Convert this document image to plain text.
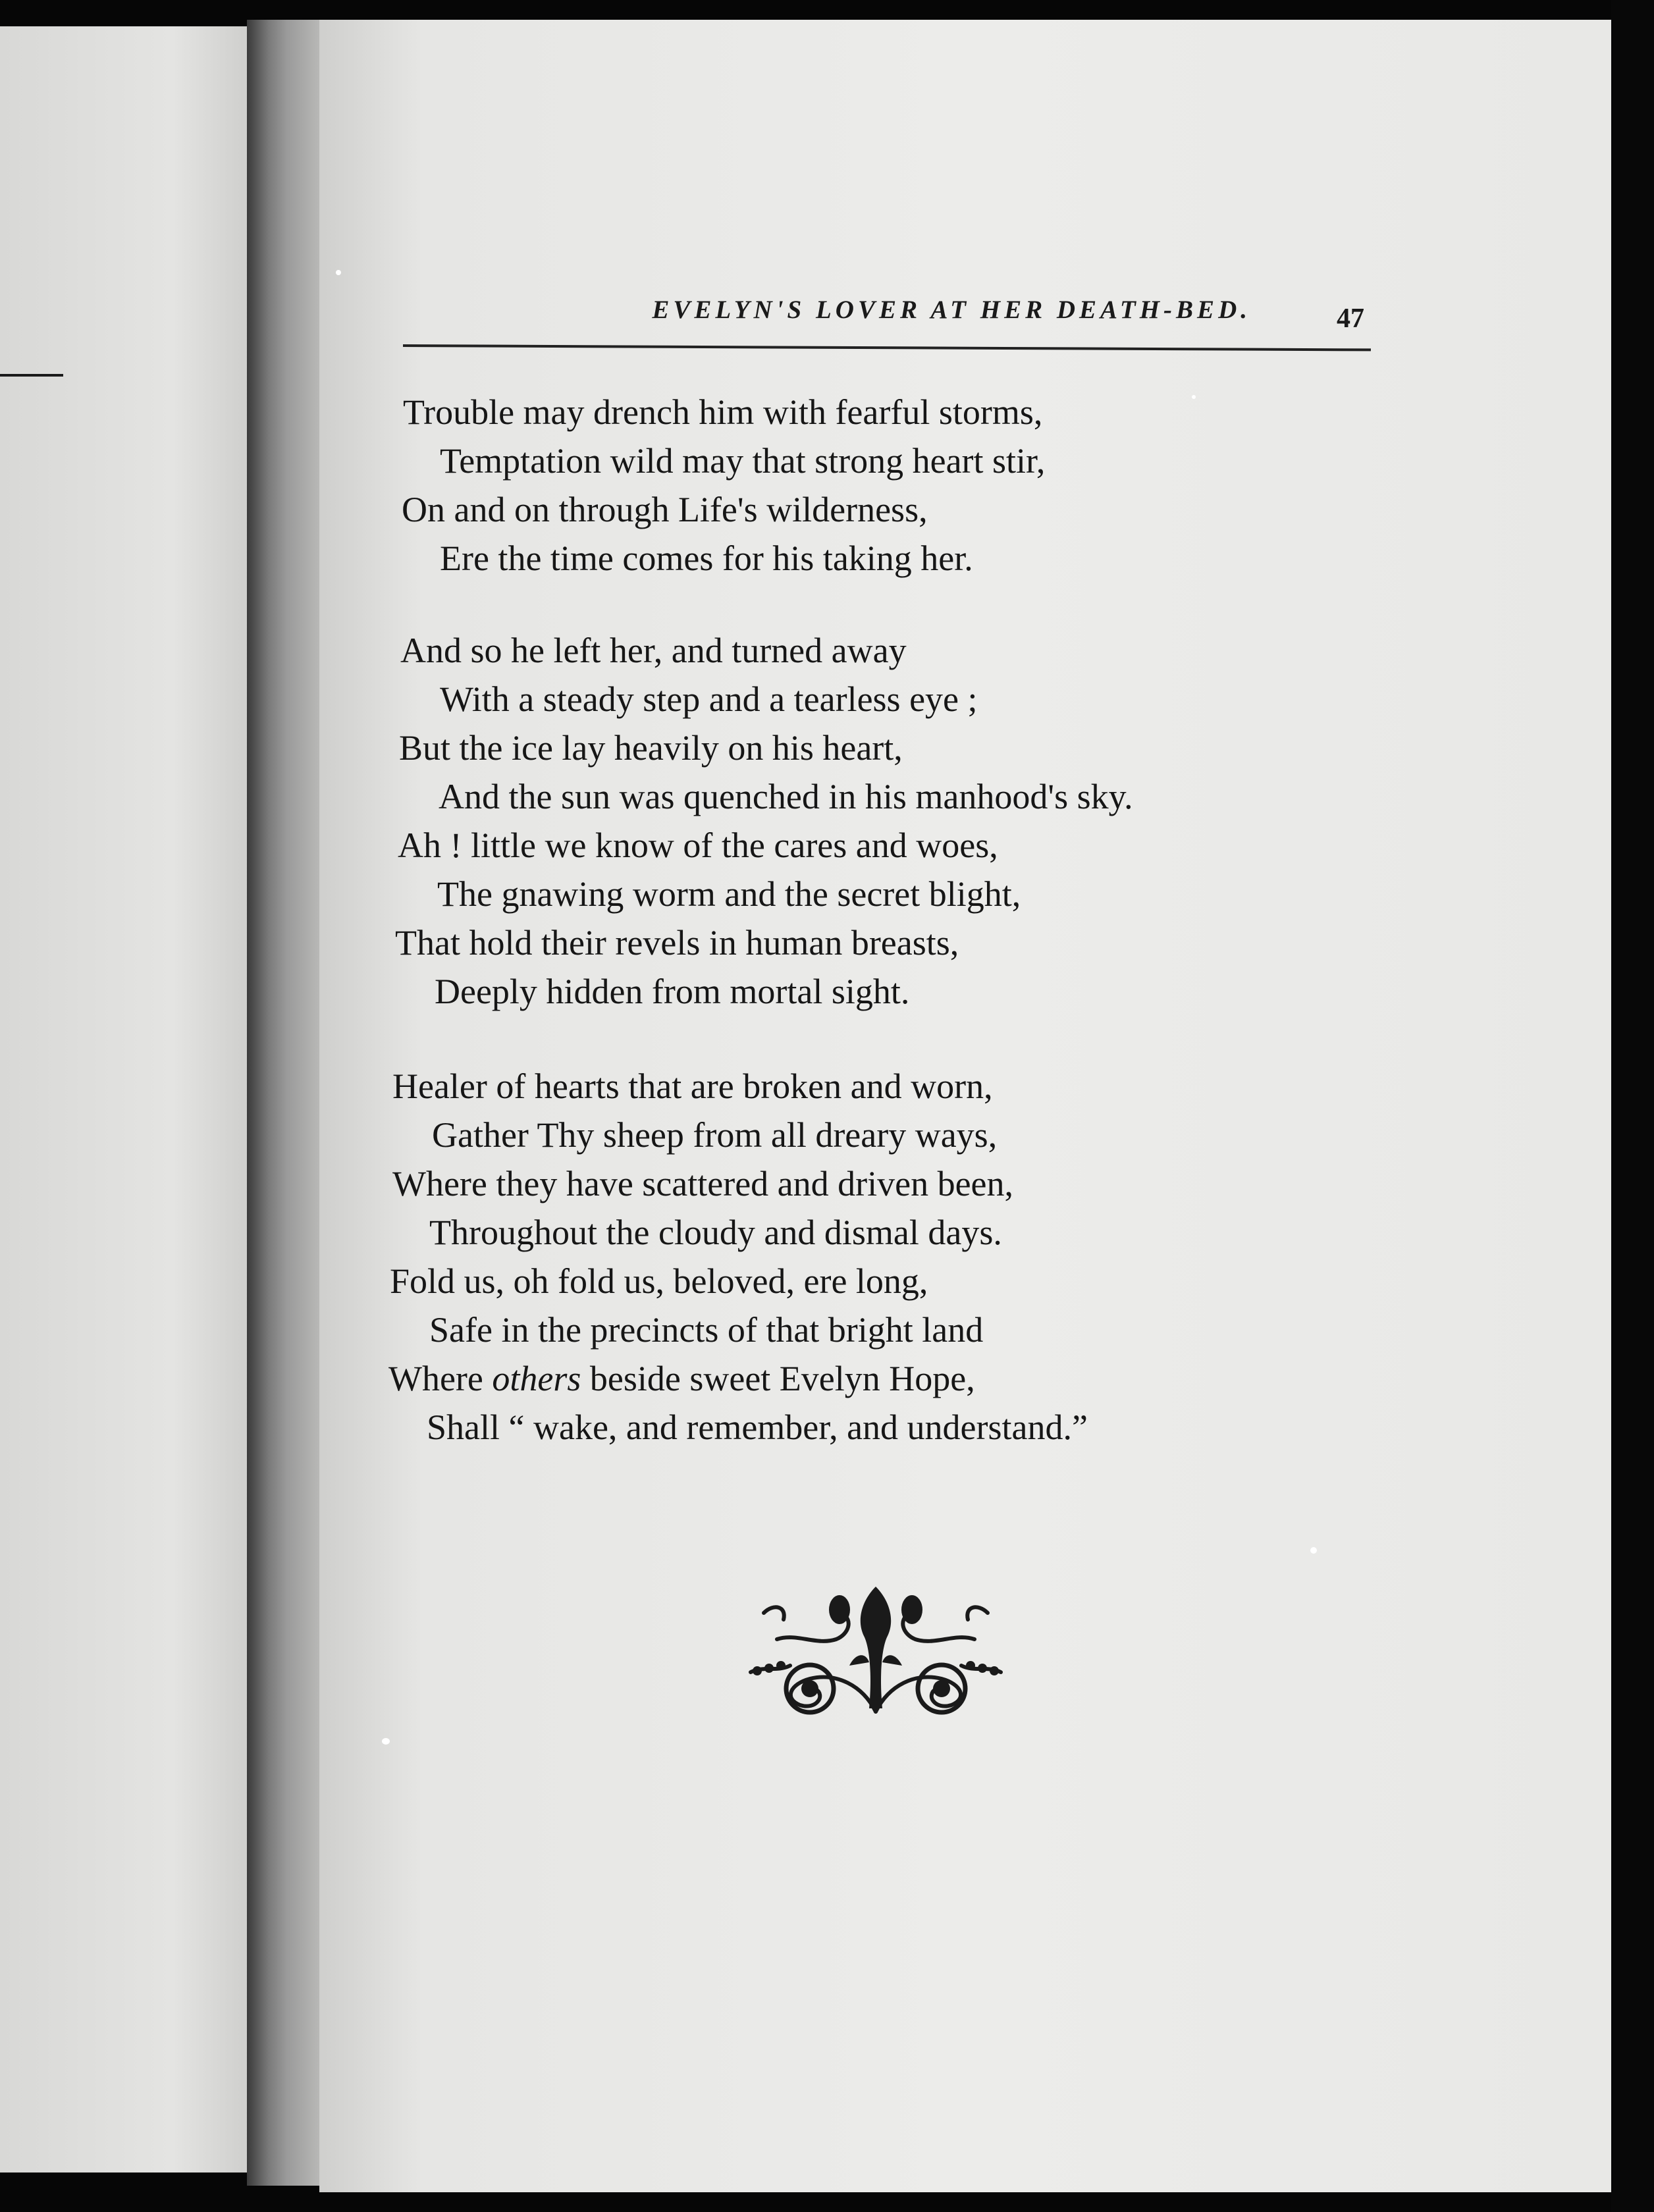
EVELYN'S LOVER AT HER DEATH-BED.	47
Trouble may drench him with fearful storms,
Temptation wild may that strong heart stir,
On and on through Life's wilderness,
Ere the time comes for his taking her.
And so he left her, and turned away
With a steady step and a tearless eye ;
But the ice lay heavily on his heart,
And the sun was quenched in his manhood's sky.
Ah ! little we know of the cares and woes,
The gnawing worm and the secret blight,
That hold their revels in human breasts,
Deeply hidden from mortal sight.
Healer of hearts that are broken and worn,
Gather Thy sheep from all dreary ways,
Where they have scattered and driven been,
Throughout the cloudy and dismal days.
Fold us, oh fold us, beloved, ere long,
Safe in the precincts of that bright land
Where others beside sweet Evelyn Hope,
Shall “ wake, and remember, and understand.”
